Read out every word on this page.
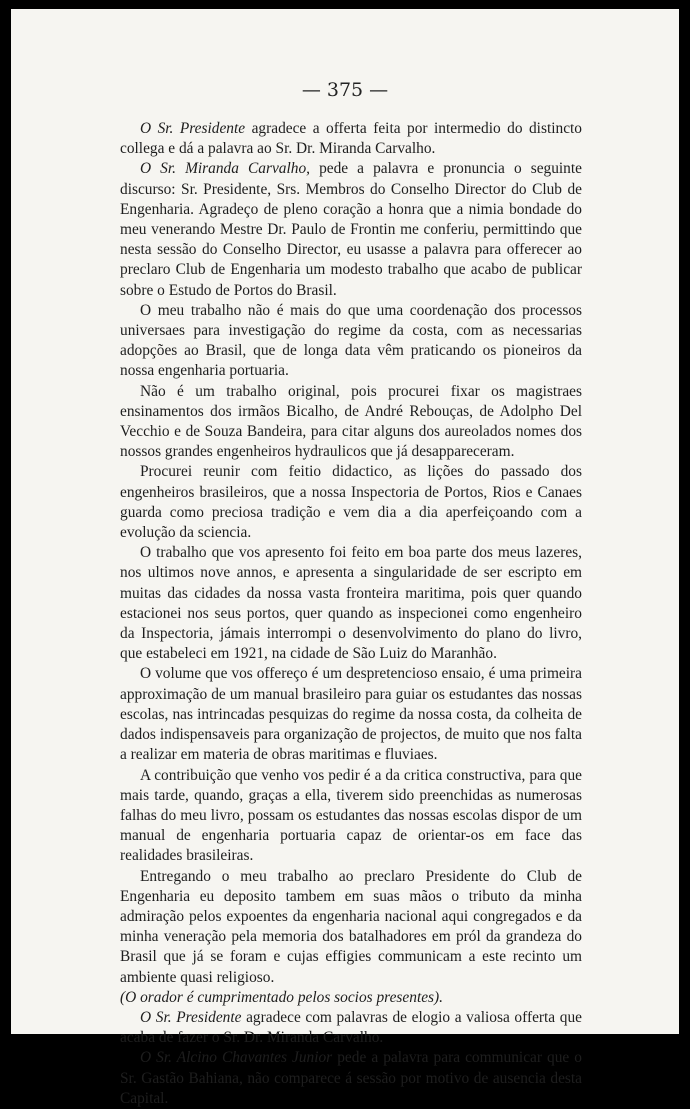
— 375 —

O Sr. Presidente agradece a offerta feita por intermedio do distincto collega e dá a palavra ao Sr. Dr. Miranda Carvalho.

O Sr. Miranda Carvalho, pede a palavra e pronuncia o seguinte discurso: Sr. Presidente, Srs. Membros do Conselho Director do Club de Engenharia. Agradeço de pleno coração a honra que a nimia bondade do meu venerando Mestre Dr. Paulo de Frontin me conferiu, permittindo que nesta sessão do Conselho Director, eu usasse a palavra para offerecer ao preclaro Club de Engenharia um modesto trabalho que acabo de publicar sobre o Estudo de Portos do Brasil.

O meu trabalho não é mais do que uma coordenação dos processos universaes para investigação do regime da costa, com as necessarias adopções ao Brasil, que de longa data vêm praticando os pioneiros da nossa engenharia portuaria.

Não é um trabalho original, pois procurei fixar os magistraes ensinamentos dos irmãos Bicalho, de André Rebouças, de Adolpho Del Vecchio e de Souza Bandeira, para citar alguns dos aureolados nomes dos nossos grandes engenheiros hydraulicos que já desappareceram.

Procurei reunir com feitio didactico, as lições do passado dos engenheiros brasileiros, que a nossa Inspectoria de Portos, Rios e Canaes guarda como preciosa tradição e vem dia a dia aperfeiçoando com a evolução da sciencia.

O trabalho que vos apresento foi feito em boa parte dos meus lazeres, nos ultimos nove annos, e apresenta a singularidade de ser escripto em muitas das cidades da nossa vasta fronteira maritima, pois quer quando estacionei nos seus portos, quer quando as inspecionei como engenheiro da Inspectoria, jámais interrompi o desenvolvimento do plano do livro, que estabeleci em 1921, na cidade de São Luiz do Maranhão.

O volume que vos offereço é um despretencioso ensaio, é uma primeira approximação de um manual brasileiro para guiar os estudantes das nossas escolas, nas intrincadas pesquizas do regime da nossa costa, da colheita de dados indispensaveis para organização de projectos, de muito que nos falta a realizar em materia de obras maritimas e fluviaes.

A contribuição que venho vos pedir é a da critica constructiva, para que mais tarde, quando, graças a ella, tiverem sido preenchidas as numerosas falhas do meu livro, possam os estudantes das nossas escolas dispor de um manual de engenharia portuaria capaz de orientar-os em face das realidades brasileiras.

Entregando o meu trabalho ao preclaro Presidente do Club de Engenharia eu deposito tambem em suas mãos o tributo da minha admiração pelos expoentes da engenharia nacional aqui congregados e da minha veneração pela memoria dos batalhadores em pról da grandeza do Brasil que já se foram e cujas effigies communicam a este recinto um ambiente quasi religioso.
(O orador é cumprimentado pelos socios presentes).

O Sr. Presidente agradece com palavras de elogio a valiosa offerta que acaba de fazer o Sr. Dr. Miranda Carvalho.

O Sr. Alcino Chavantes Junior pede a palavra para communicar que o Sr. Gastão Bahiana, não comparece á sessão por motivo de ausencia desta Capital.
